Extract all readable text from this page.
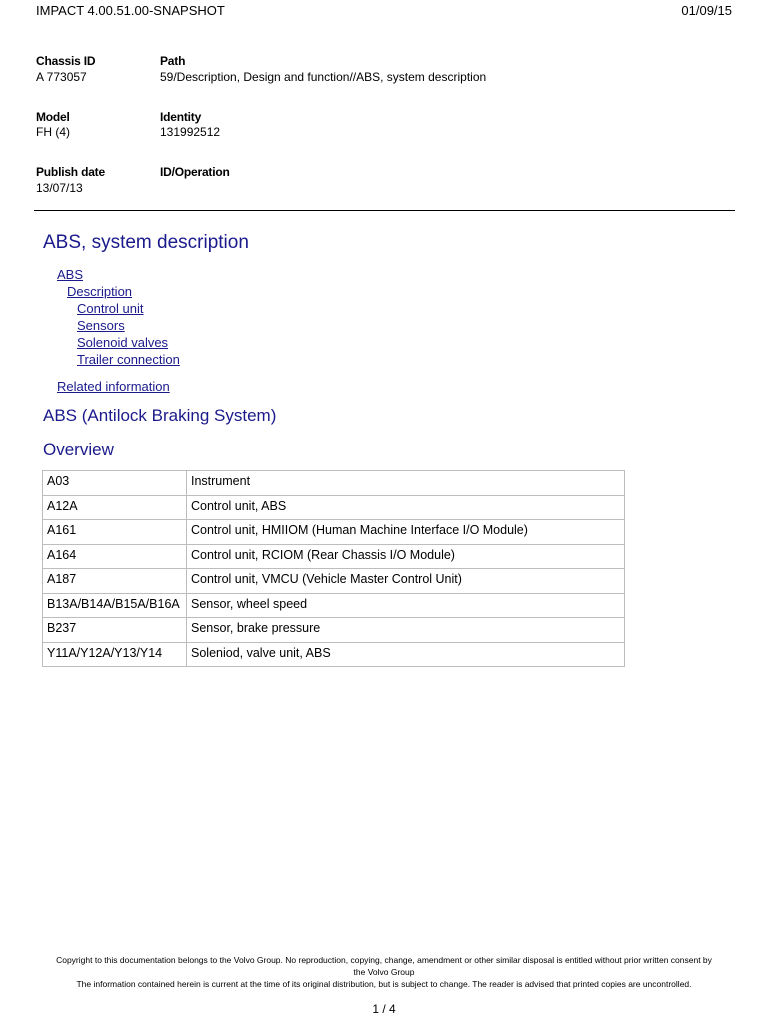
IMPACT 4.00.51.00-SNAPSHOT	01/09/15
Chassis ID
A 773057
Path
59/Description, Design and function//ABS, system description
Model
FH (4)
Identity
131992512
Publish date
13/07/13
ID/Operation
ABS, system description
ABS
Description
Control unit
Sensors
Solenoid valves
Trailer connection
Related information
ABS (Antilock Braking System)
Overview
A03	Instrument
A12A	Control unit, ABS
A161	Control unit, HMIIOM (Human Machine Interface I/O Module)
A164	Control unit, RCIOM (Rear Chassis I/O Module)
A187	Control unit, VMCU (Vehicle Master Control Unit)
B13A/B14A/B15A/B16A	Sensor, wheel speed
B237	Sensor, brake pressure
Y11A/Y12A/Y13/Y14	Soleniod, valve unit, ABS
Copyright to this documentation belongs to the Volvo Group. No reproduction, copying, change, amendment or other similar disposal is entitled without prior written consent by
the Volvo Group
The information contained herein is current at the time of its original distribution, but is subject to change. The reader is advised that printed copies are uncontrolled.
1 / 4
